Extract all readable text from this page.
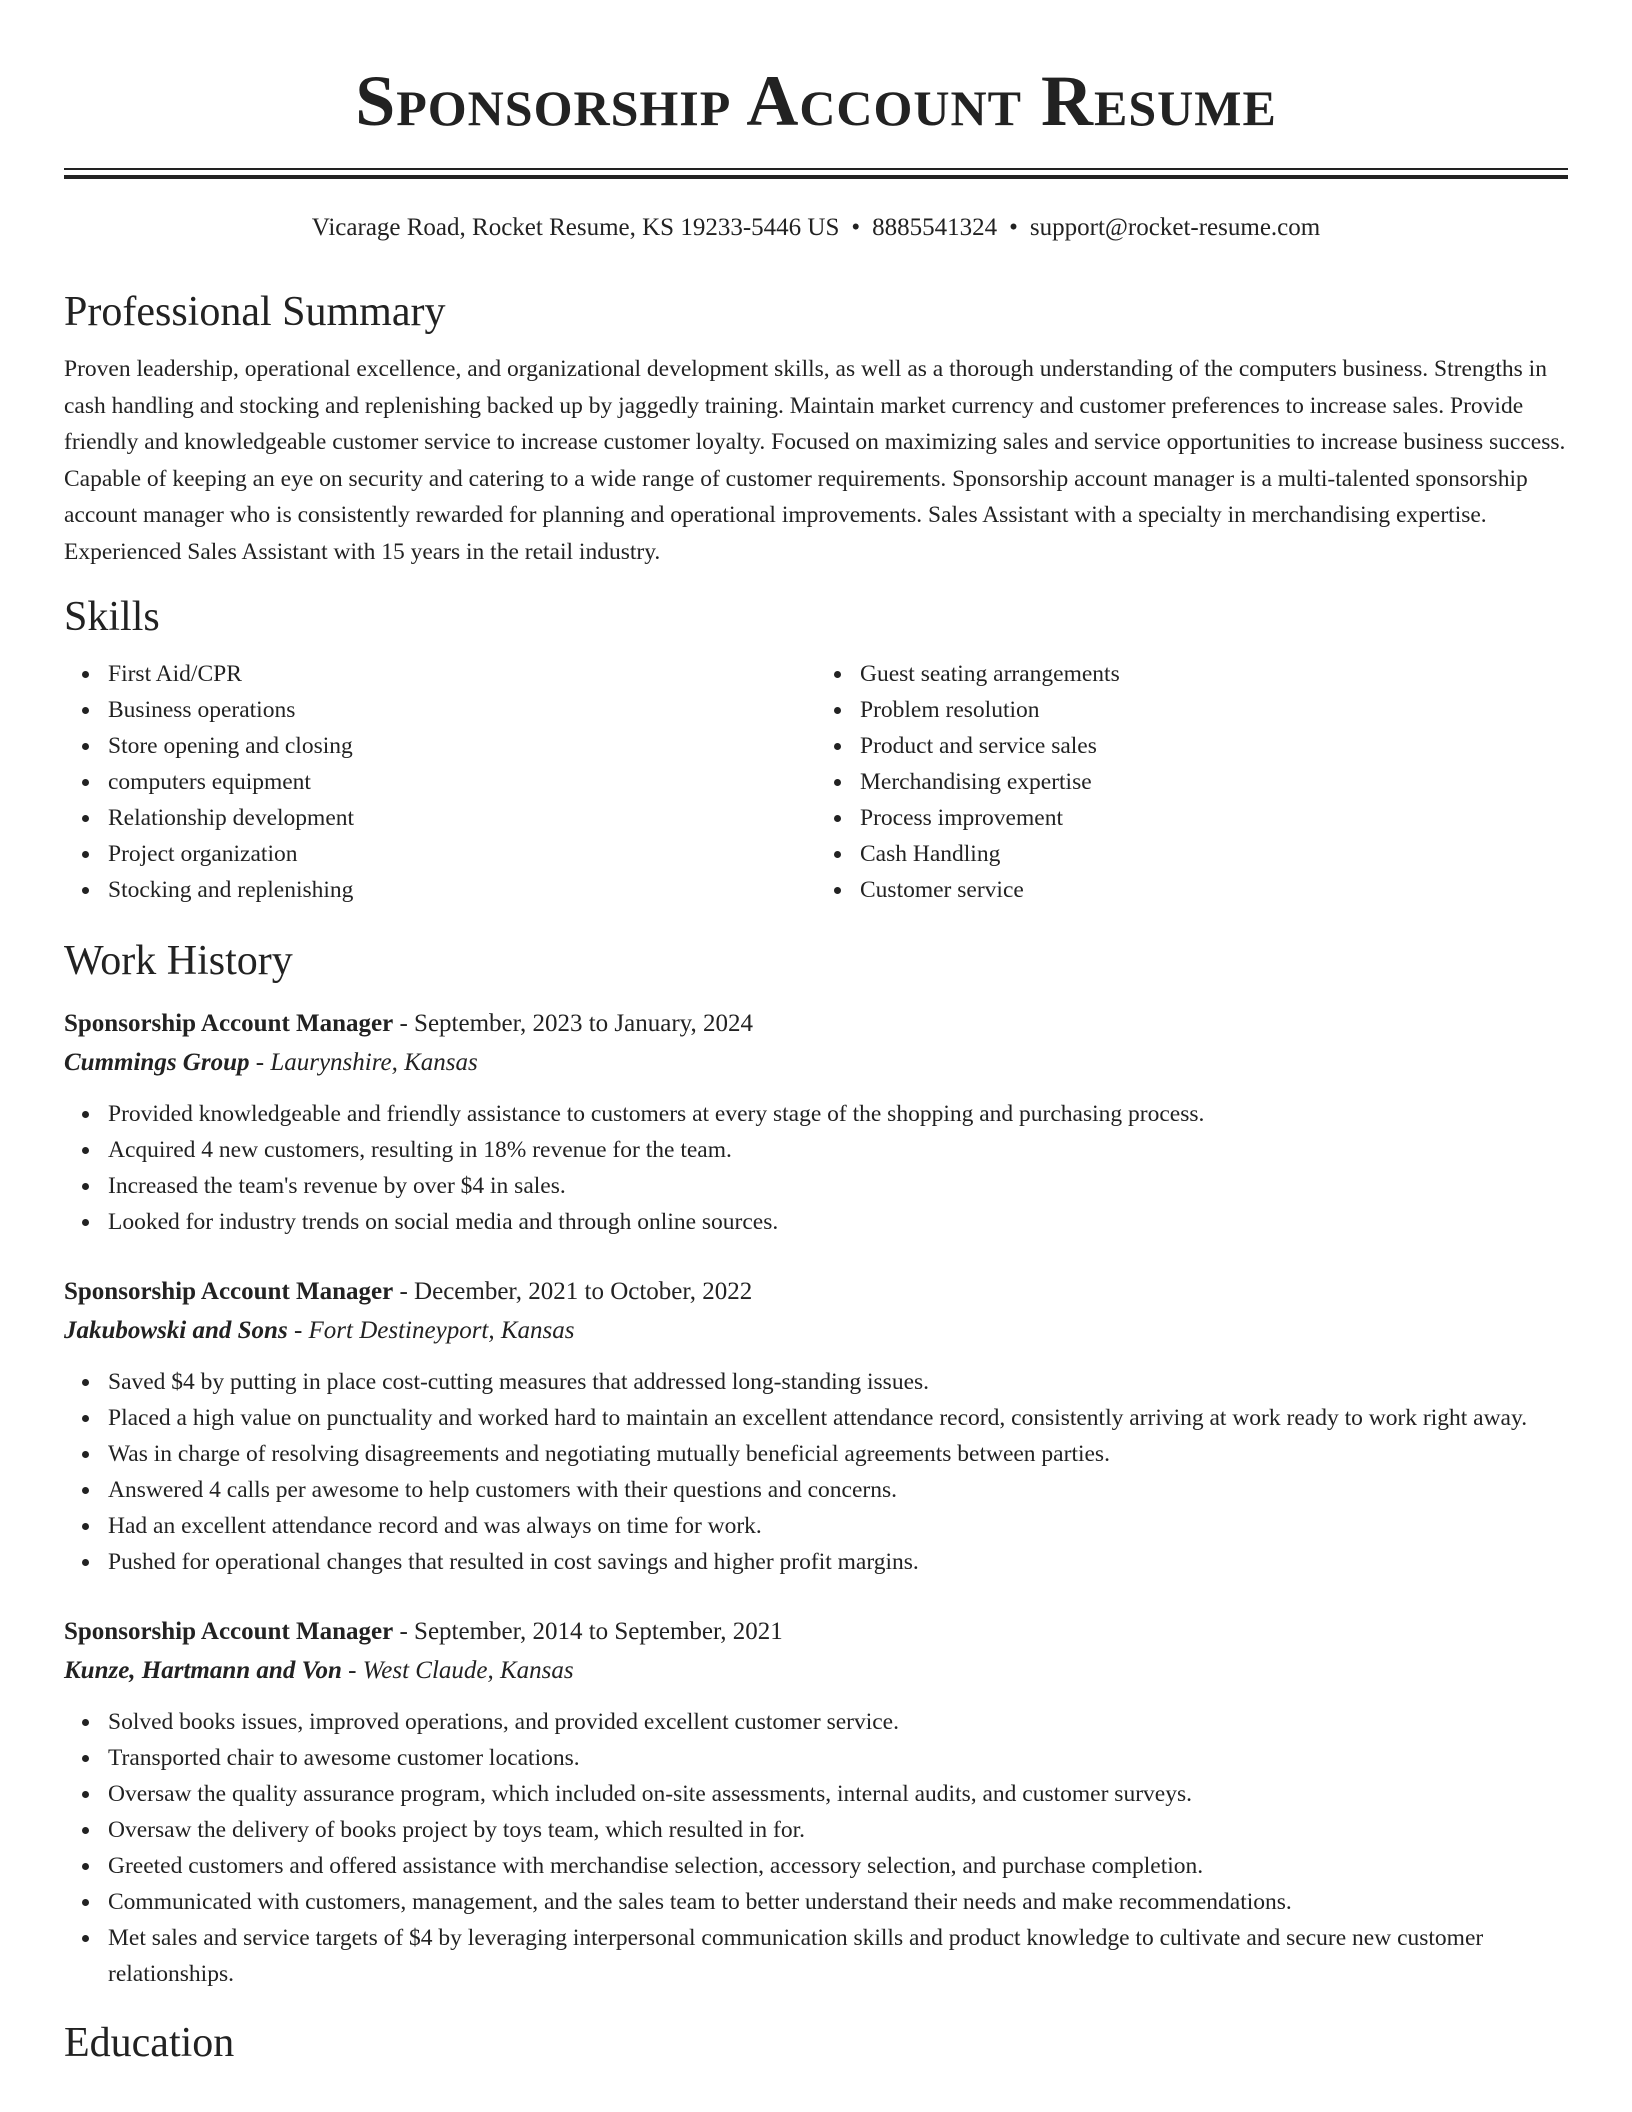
Sponsorship Account Resume
Vicarage Road, Rocket Resume, KS 19233-5446 US • 8885541324 • support@rocket-resume.com
Professional Summary

Proven leadership, operational excellence, and organizational development skills, as well as a thorough understanding of the computers business. Strengths in cash handling and stocking and replenishing backed up by jaggedly training. Maintain market currency and customer preferences to increase sales. Provide friendly and knowledgeable customer service to increase customer loyalty. Focused on maximizing sales and service opportunities to increase business success. Capable of keeping an eye on security and catering to a wide range of customer requirements. Sponsorship account manager is a multi-talented sponsorship account manager who is consistently rewarded for planning and operational improvements. Sales Assistant with a specialty in merchandising expertise. Experienced Sales Assistant with 15 years in the retail industry.

Skills
First Aid/CPR
Business operations
Store opening and closing
computers equipment
Relationship development
Project organization
Stocking and replenishing
Guest seating arrangements
Problem resolution
Product and service sales
Merchandising expertise
Process improvement
Cash Handling
Customer service
Work History
Sponsorship Account Manager - September, 2023 to January, 2024
Cummings Group - Laurynshire, Kansas
Provided knowledgeable and friendly assistance to customers at every stage of the shopping and purchasing process.
Acquired 4 new customers, resulting in 18% revenue for the team.
Increased the team's revenue by over $4 in sales.
Looked for industry trends on social media and through online sources.
Sponsorship Account Manager - December, 2021 to October, 2022
Jakubowski and Sons - Fort Destineyport, Kansas
Saved $4 by putting in place cost-cutting measures that addressed long-standing issues.
Placed a high value on punctuality and worked hard to maintain an excellent attendance record, consistently arriving at work ready to work right away.
Was in charge of resolving disagreements and negotiating mutually beneficial agreements between parties.
Answered 4 calls per awesome to help customers with their questions and concerns.
Had an excellent attendance record and was always on time for work.
Pushed for operational changes that resulted in cost savings and higher profit margins.
Sponsorship Account Manager - September, 2014 to September, 2021
Kunze, Hartmann and Von - West Claude, Kansas
Solved books issues, improved operations, and provided excellent customer service.
Transported chair to awesome customer locations.
Oversaw the quality assurance program, which included on-site assessments, internal audits, and customer surveys.
Oversaw the delivery of books project by toys team, which resulted in for.
Greeted customers and offered assistance with merchandise selection, accessory selection, and purchase completion.
Communicated with customers, management, and the sales team to better understand their needs and make recommendations.
Met sales and service targets of $4 by leveraging interpersonal communication skills and product knowledge to cultivate and secure new customer relationships.
Education
